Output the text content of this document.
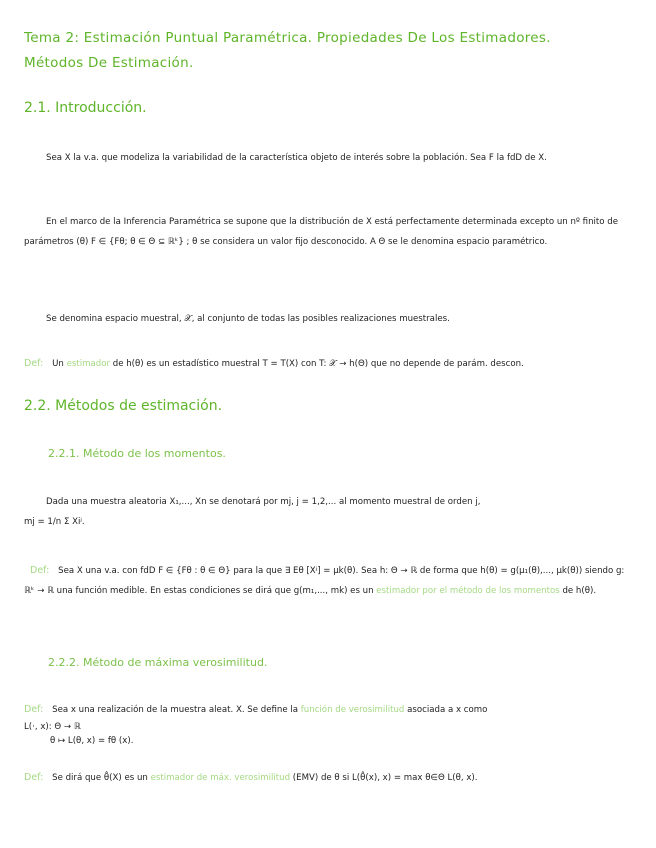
Tema 2: Estimación Puntual Paramétrica. Propiedades De Los Estimadores.
Métodos De Estimación.
2.1. Introducción.
Sea X la v.a. que modeliza la variabilidad de la característica objeto de interés sobre la población. Sea F la fdD de X.
En el marco de la Inferencia Paramétrica se supone que la distribución de X está perfectamente determinada excepto un nº finito de parámetros (θ) F ∈ {Fθ; θ ∈ Θ ⊆ ℝᵏ} ; θ se considera un valor fijo desconocido. A Θ se le denomina espacio paramétrico.
Se denomina espacio muestral, 𝒳, al conjunto de todas las posibles realizaciones muestrales.
Def: Un estimador de h(θ) es un estadístico muestral T = T(X) con T: 𝒳 → h(Θ) que no depende de parám. descon.
2.2. Métodos de estimación.
2.2.1. Método de los momentos.
Dada una muestra aleatoria X₁,..., Xn se denotará por mj, j = 1,2,... al momento muestral de orden j,
mj = 1/n Σ Xiʲ.
Def: Sea X una v.a. con fdD F ∈ {Fθ : θ ∈ Θ} para la que ∃ Eθ [Xʲ] = μk(θ). Sea h: Θ → ℝ de forma que h(θ) = g(μ₁(θ),..., μk(θ)) siendo g: ℝᵏ → ℝ una función medible. En estas condiciones se dirá que g(m₁,..., mk) es un estimador por el método de los momentos de h(θ).
2.2.2. Método de máxima verosimilitud.
Def: Sea x una realización de la muestra aleat. X. Se define la función de verosimilitud asociada a x como
L(·, x): Θ → ℝ
θ ↦ L(θ, x) = fθ (x).
Def: Se dirá que θ̂(X) es un estimador de máx. verosimilitud (EMV) de θ si L(θ̂(x), x) = max θ∈Θ L(θ, x).
